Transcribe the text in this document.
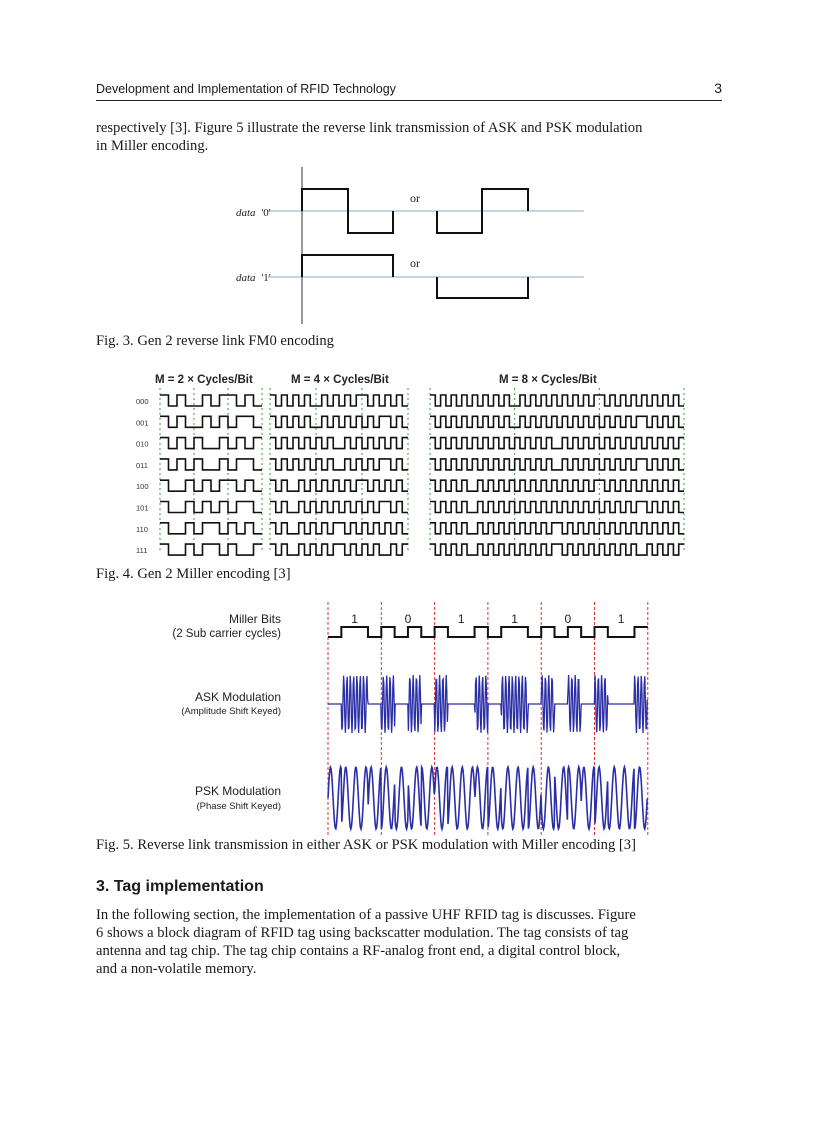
Development and Implementation of RFID Technology	3
respectively [3]. Figure 5 illustrate the reverse link transmission of ASK and PSK modulation
in Miller encoding.
data '0'
data '1'
or
or
Fig. 3. Gen 2 reverse link FM0 encoding
M = 2 × Cycles/Bit
000
001
010
011
100
101
110
111
M = 4 × Cycles/Bit	M = 8 × Cycles/Bit
Fig. 4. Gen 2 Miller encoding [3]
Miller Bits
(2 Sub carrier cycles)
ASK Modulation
(Amplitude Shift Keyed)
PSK Modulation
(Phase Shift Keyed)
1	0	1	1	0	1
Fig. 5. Reverse link transmission in either ASK or PSK modulation with Miller encoding [3]
3. Tag implementation
In the following section, the implementation of a passive UHF RFID tag is discusses. Figure
6 shows a block diagram of RFID tag using backscatter modulation. The tag consists of tag
antenna and tag chip. The tag chip contains a RF-analog front end, a digital control block,
and a non-volatile memory.
